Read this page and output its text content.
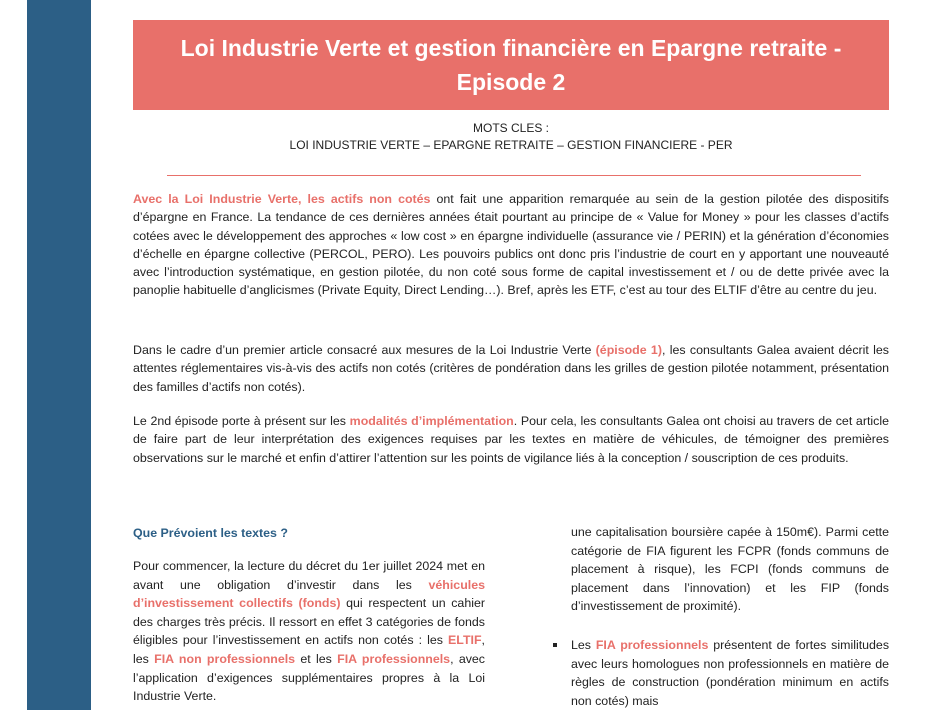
Loi Industrie Verte et gestion financière en Epargne retraite -
Episode 2
MOTS CLES :
LOI INDUSTRIE VERTE – EPARGNE RETRAITE – GESTION FINANCIERE - PER

Avec la Loi Industrie Verte, les actifs non cotés ont fait une apparition remarquée au sein de la gestion pilotée des dispositifs d’épargne en France. La tendance de ces dernières années était pourtant au principe de « Value for Money » pour les classes d’actifs cotées avec le développement des approches « low cost » en épargne individuelle (assurance vie / PERIN) et la génération d’économies d’échelle en épargne collective (PERCOL, PERO). Les pouvoirs publics ont donc pris l’industrie de court en y apportant une nouveauté avec l’introduction systématique, en gestion pilotée, du non coté sous forme de capital investissement et / ou de dette privée avec la panoplie habituelle d’anglicismes (Private Equity, Direct Lending…). Bref, après les ETF, c’est au tour des ELTIF d’être au centre du jeu.

Dans le cadre d’un premier article consacré aux mesures de la Loi Industrie Verte (épisode 1), les consultants Galea avaient décrit les attentes réglementaires vis-à-vis des actifs non cotés (critères de pondération dans les grilles de gestion pilotée notamment, présentation des familles d’actifs non cotés).

Le 2nd épisode porte à présent sur les modalités d’implémentation. Pour cela, les consultants Galea ont choisi au travers de cet article de faire part de leur interprétation des exigences requises par les textes en matière de véhicules, de témoigner des premières observations sur le marché et enfin d’attirer l’attention sur les points de vigilance liés à la conception / souscription de ces produits.

Que Prévoient les textes ?

Pour commencer, la lecture du décret du 1er juillet 2024 met en avant une obligation d’investir dans les véhicules d’investissement collectifs (fonds) qui respectent un cahier des charges très précis. Il ressort en effet 3 catégories de fonds éligibles pour l’investissement en actifs non cotés : les ELTIF, les FIA non professionnels et les FIA professionnels, avec l’application d’exigences supplémentaires propres à la Loi Industrie Verte.

une capitalisation boursière capée à 150m€). Parmi cette catégorie de FIA figurent les FCPR (fonds communs de placement à risque), les FCPI (fonds communs de placement dans l’innovation) et les FIP (fonds d’investissement de proximité).

Les FIA professionnels présentent de fortes similitudes avec leurs homologues non professionnels en matière de règles de construction (pondération minimum en actifs non cotés) mais
